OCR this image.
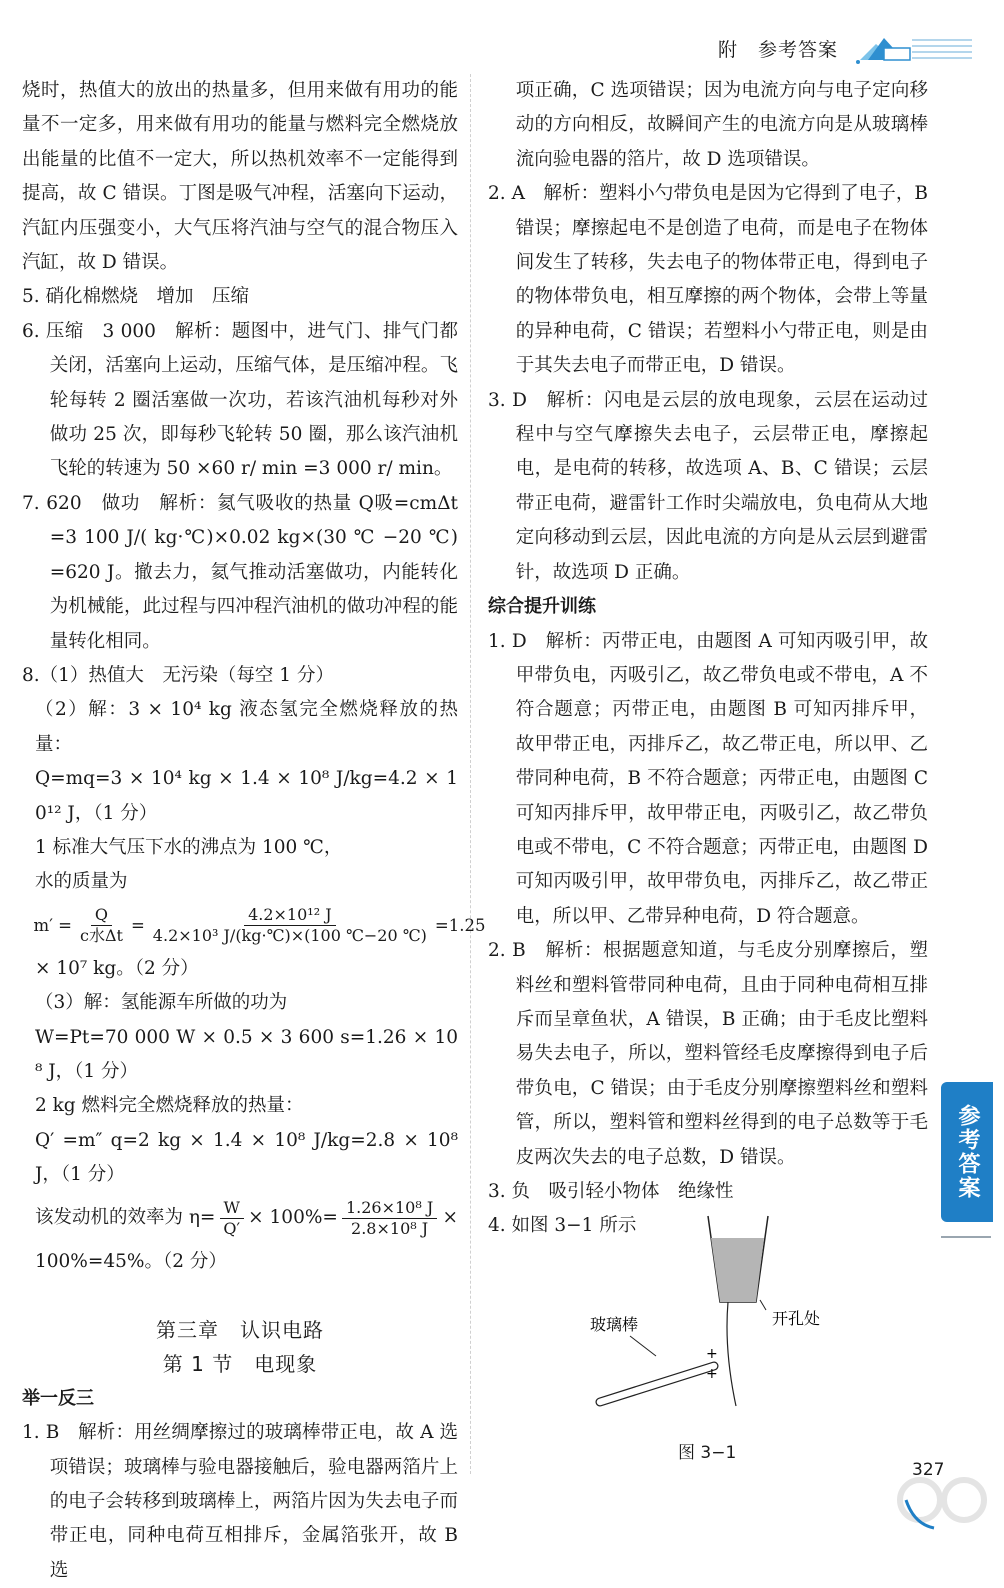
附　参考答案

烧时，热值大的放出的热量多，但用来做有用功的能量不一定多，用来做有用功的能量与燃料完全燃烧放出能量的比值不一定大，所以热机效率不一定能得到提高，故 C 错误。丁图是吸气冲程，活塞向下运动，汽缸内压强变小，大气压将汽油与空气的混合物压入汽缸，故 D 错误。

5. 硝化棉燃烧　增加　压缩

6. 压缩　3 000　解析：题图中，进气门、排气门都关闭，活塞向上运动，压缩气体，是压缩冲程。飞轮每转 2 圈活塞做一次功，若该汽油机每秒对外做功 25 次，即每秒飞轮转 50 圈，那么该汽油机飞轮的转速为 50 ×60 r/ min =3 000 r/ min。

7. 620　做功　解析：氦气吸收的热量 Q吸=cmΔt=3 100 J/( kg·℃)×0.02 kg×(30 ℃ −20 ℃)=620 J。撤去力，氦气推动活塞做功，内能转化为机械能，此过程与四冲程汽油机的做功冲程的能量转化相同。

8.（1）热值大　无污染（每空 1 分）

（2）解：3 × 10⁴ kg 液态氢完全燃烧释放的热量：

Q=mq=3 × 10⁴ kg × 1.4 × 10⁸ J/kg=4.2 × 10¹² J，（1 分）

1 标准大气压下水的沸点为 100 ℃，

水的质量为

$m' = \frac{Q}{\text{c水Δt}} = \frac{\text{4.2×10¹² J}}{\text{4.2×10³ J/(kg·℃)×(100 ℃−20 ℃)}} =1.25$

× 10⁷ kg。（2 分）

（3）解：氢能源车所做的功为

W=Pt=70 000 W × 0.5 × 3 600 s=1.26 × 10⁸ J，（1 分）

2 kg 燃料完全燃烧释放的热量：

Q′ =m″ q=2 kg × 1.4 × 10⁸ J/kg=2.8 × 10⁸ J，（1 分）

该发动机的效率为 $\eta= \frac{W}{Q'} \times 100\%= \frac{\text{1.26×10⁸ J}}{\text{2.8×10⁸ J}}$ ×

100%=45%。（2 分）

第三章　认识电路
第 1 节　电现象
举一反三

1. B　解析：用丝绸摩擦过的玻璃棒带正电，故 A 选项错误；玻璃棒与验电器接触后，验电器两箔片上的电子会转移到玻璃棒上，两箔片因为失去电子而带正电，同种电荷互相排斥，金属箔张开，故 B 选

项正确，C 选项错误；因为电流方向与电子定向移动的方向相反，故瞬间产生的电流方向是从玻璃棒流向验电器的箔片，故 D 选项错误。

2. A　解析：塑料小勺带负电是因为它得到了电子，B 错误；摩擦起电不是创造了电荷，而是电子在物体间发生了转移，失去电子的物体带正电，得到电子的物体带负电，相互摩擦的两个物体，会带上等量的异种电荷，C 错误；若塑料小勺带正电，则是由于其失去电子而带正电，D 错误。

3. D　解析：闪电是云层的放电现象，云层在运动过程中与空气摩擦失去电子，云层带正电，摩擦起电，是电荷的转移，故选项 A、B、C 错误；云层带正电荷，避雷针工作时尖端放电，负电荷从大地定向移动到云层，因此电流的方向是从云层到避雷针，故选项 D 正确。

综合提升训练

1. D　解析：丙带正电，由题图 A 可知丙吸引甲，故甲带负电，丙吸引乙，故乙带负电或不带电，A 不符合题意；丙带正电，由题图 B 可知丙排斥甲，故甲带正电，丙排斥乙，故乙带正电，所以甲、乙带同种电荷，B 不符合题意；丙带正电，由题图 C 可知丙排斥甲，故甲带正电，丙吸引乙，故乙带负电或不带电，C 不符合题意；丙带正电，由题图 D 可知丙吸引甲，故甲带负电，丙排斥乙，故乙带正电，所以甲、乙带异种电荷，D 符合题意。

2. B　解析：根据题意知道，与毛皮分别摩擦后，塑料丝和塑料管带同种电荷，且由于同种电荷相互排斥而呈章鱼状，A 错误，B 正确；由于毛皮比塑料易失去电子，所以，塑料管经毛皮摩擦得到电子后带负电，C 错误；由于毛皮分别摩擦塑料丝和塑料管，所以，塑料管和塑料丝得到的电子总数等于毛皮两次失去的电子总数，D 错误。

3. 负　吸引轻小物体　绝缘性

4. 如图 3−1 所示

开孔处
玻璃棒
+
+
图 3−1
参考答案
327
